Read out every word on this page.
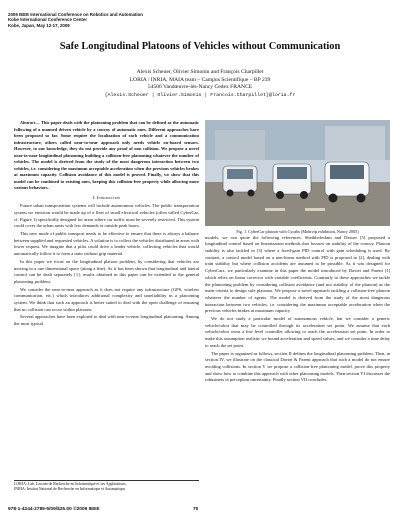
2009 IEEE International Conference on Robotics and Automation
Kobe International Conference Center
Kobe, Japan, May 12-17, 2009
Safe Longitudinal Platoons of Vehicles without Communication
Alexis Scheuer, Olivier Simonin and François Charpillet
LORIA / INRIA, MAIA team – Campus Scientifique – BP 239
54506 Vandœuvre-lès-Nancy Cedex FRANCE
{Alexis.Scheuer | Olivier.Simonin | Francois.Charpillet}@loria.fr

Abstract— This paper deals with the platooning problem that can be defined as the automatic following of a manned driven vehicle by a convoy of automatic ones. Different approaches have been proposed so far. Some require the localization of each vehicle and a communication infrastructure, others called near-to-near approach only needs vehicle on-board sensors. However, to our knowledge, they do not provide any proof of non collision. We propose a novel near-to-near longitudinal platooning building a collision-free platooning whatever the number of vehicles. The model is derived from the study of the most dangerous interaction between two vehicles, i.e. considering the maximum acceptable acceleration when the previous vehicles brakes at maximum capacity. Collision avoidance of this model is proved. Finally, we show that this model can be combined to existing ones, keeping this collision-free property while allowing more various behaviors.

I. Introduction

Future urban transportation systems will include autonomous vehicles. The public transportation system we envision would be made up of a fleet of small electrical vehicles (often called CyberCar, cf. Figure 1) specifically designed for areas where car traffic must be severely restricted. This system could cover the urban areas with low demands or outside peak hours.

This new mode of public transport needs to be effective to ensure that there is always a balance between supplied and requested vehicles. A solution is to collect the vehicles distributed in areas with lower request. We imagine that a pilot could drive a leader vehicle, collecting vehicles that would automatically follow it to form a train without grip material.

In this paper we focus on the longitudinal platoon problem, by considering that vehicles are moving in a one dimensional space (along a line). As it has been shown that longitudinal and lateral control can be dealt separately [1], results obtained in this paper can be extended to the general platooning problem.

We consider the near-to-near approach as it does not require any infrastructure (GPS, wireless communication, etc.) which introduces additional complexity and unreliability in a platooning system. We think that such an approach is better suited to deal with the open challenge of ensuring that no collision can occur within platoons.

Several approaches have been explored to deal with near-to-near longitudinal platooning. Among the most typical

LORIA: Lab. Lorrain de Recherche en Informatique et ses Applications.
INRIA: Institut National de Recherche en Informatique et Automatique.
Fig. 1. CyberCar platoon with Cycabs (Mobivip exhibition, Nancy 2005)

models, we can quote the following references. Sheikholeslam and Desoer [5] proposed a longitudinal control based on linearization methods that focuses on stability of the convoy. Platoon stability is also tackled in [3] where a fixed-gain PID control with gain scheduling is used. By contrast, a control model based on a non-linear method with PID is proposed in [2], dealing with train stability but where collision accidents are assumed to be possible. As it was designed for CyberCars, we particularly examine in this paper the model introduced by Daviet and Parent [1] which relies on linear corrector with variable coefficients. Contrarily to these approaches we tackle the platooning problem by considering collision avoidance (and not stability of the platoon) as the main criteria to design safe platoons. We propose a novel approach tackling a collision-free platoon whatever the number of agents. The model is derived from the study of the most dangerous interaction between two vehicles, i.e. considering the maximum acceptable acceleration when the previous vehicles brakes at maximum capacity.

We do not study a particular model of autonomous vehicle, but we consider a generic vehicle/robot that may be controlled through its acceleration set point. We assume that each vehicle/robot owns a low level controller allowing to reach the acceleration set point. In order to make this assumption realistic we bound acceleration and speed values, and we consider a time delay to reach the set point.

The paper is organized as follows, section II defines the longitudinal platooning problem. Then, in section IV, we illustrate on the classical Daviet & Parent approach that such a model do not ensure avoiding collisions. In section V we propose a collision-free platooning model, prove this property and show how to combine this approach with other platooning models. Then section VI discusses the robustness to perception uncertainty. Finally section VII concludes.

978-1-4244-2789-5/09/$25.00 ©2009 IEEE	70
